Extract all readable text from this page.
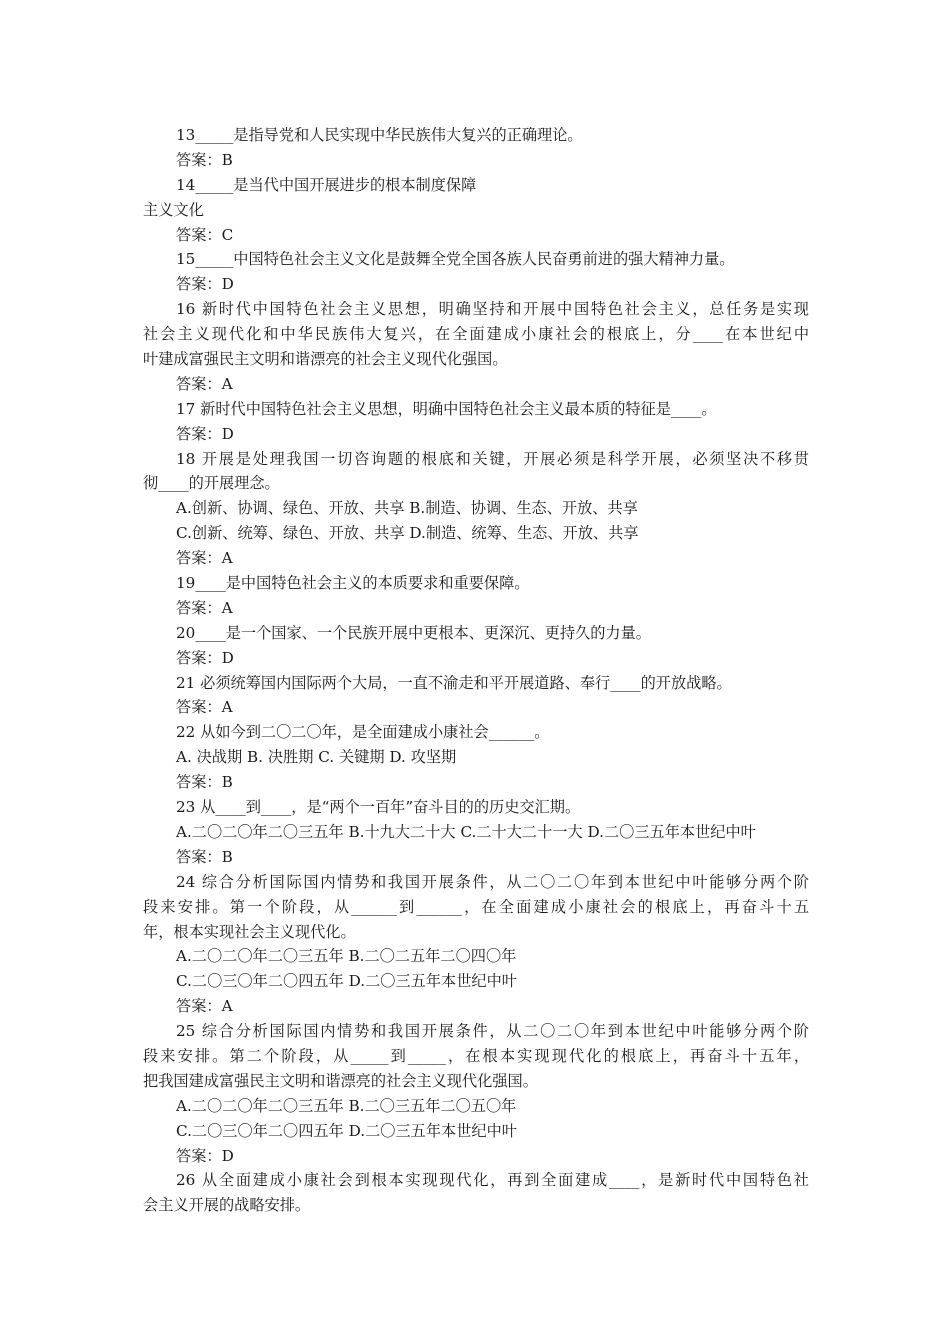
13_____是指导党和人民实现中华民族伟大复兴的正确理论。
答案：B
14_____是当代中国开展进步的根本制度保障
主义文化
答案：C
15_____中国特色社会主义文化是鼓舞全党全国各族人民奋勇前进的强大精神力量。
答案：D
16 新时代中国特色社会主义思想，明确坚持和开展中国特色社会主义，总任务是实现
社会主义现代化和中华民族伟大复兴，在全面建成小康社会的根底上，分____在本世纪中
叶建成富强民主文明和谐漂亮的社会主义现代化强国。
答案：A
17 新时代中国特色社会主义思想，明确中国特色社会主义最本质的特征是____。
答案：D
18 开展是处理我国一切咨询题的根底和关键，开展必须是科学开展，必须坚决不移贯
彻____的开展理念。
A.创新、协调、绿色、开放、共享 B.制造、协调、生态、开放、共享
C.创新、统筹、绿色、开放、共享 D.制造、统筹、生态、开放、共享
答案：A
19____是中国特色社会主义的本质要求和重要保障。
答案：A
20____是一个国家、一个民族开展中更根本、更深沉、更持久的力量。
答案：D
21 必须统筹国内国际两个大局，一直不渝走和平开展道路、奉行____的开放战略。
答案：A
22 从如今到二〇二〇年，是全面建成小康社会______。
A. 决战期 B. 决胜期 C. 关键期 D. 攻坚期
答案：B
23 从____到____，是“两个一百年”奋斗目的的历史交汇期。
A.二〇二〇年二〇三五年 B.十九大二十大 C.二十大二十一大 D.二〇三五年本世纪中叶
答案：B
24 综合分析国际国内情势和我国开展条件，从二〇二〇年到本世纪中叶能够分两个阶
段来安排。第一个阶段，从______到______，在全面建成小康社会的根底上，再奋斗十五
年，根本实现社会主义现代化。
A.二〇二〇年二〇三五年 B.二〇二五年二〇四〇年
C.二〇三〇年二〇四五年 D.二〇三五年本世纪中叶
答案：A
25 综合分析国际国内情势和我国开展条件，从二〇二〇年到本世纪中叶能够分两个阶
段来安排。第二个阶段，从_____到_____，在根本实现现代化的根底上，再奋斗十五年，
把我国建成富强民主文明和谐漂亮的社会主义现代化强国。
A.二〇二〇年二〇三五年 B.二〇三五年二〇五〇年
C.二〇三〇年二〇四五年 D.二〇三五年本世纪中叶
答案：D
26 从全面建成小康社会到根本实现现代化，再到全面建成____，是新时代中国特色社
会主义开展的战略安排。
